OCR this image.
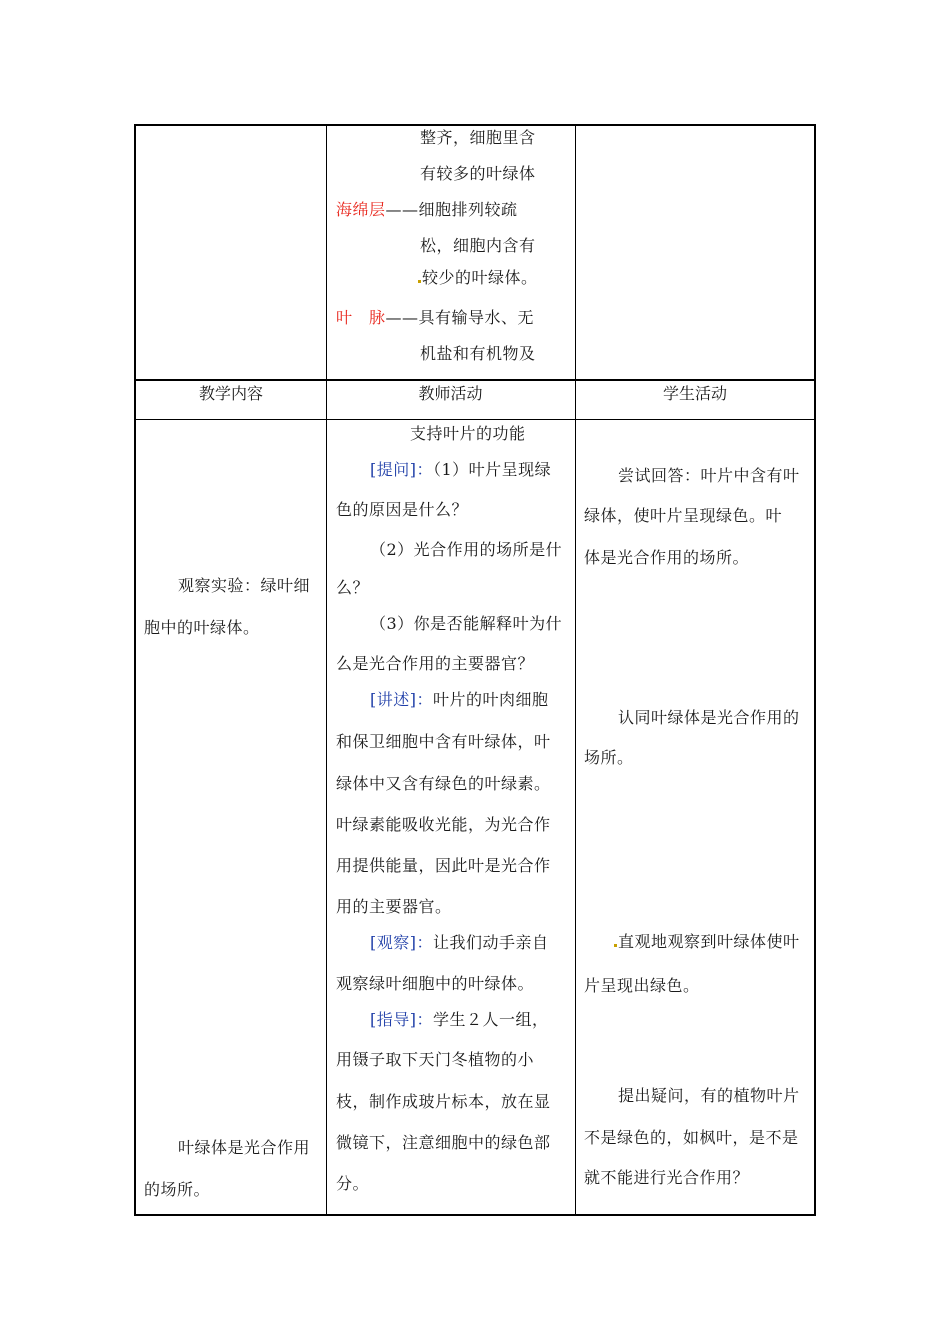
整齐，细胞里含
有较多的叶绿体
海绵层——细胞排列较疏
松，细胞内含有
较少的叶绿体。
叶　脉——具有输导水、无
机盐和有机物及
教学内容	教师活动	学生活动
观察实验：绿叶细
胞中的叶绿体。
叶绿体是光合作用
的场所。
支持叶片的功能
[提问]：（1）叶片呈现绿
色的原因是什么？
（2）光合作用的场所是什
么？
（3）你是否能解释叶为什
么是光合作用的主要器官？
[讲述]：叶片的叶肉细胞
和保卫细胞中含有叶绿体，叶
绿体中又含有绿色的叶绿素。
叶绿素能吸收光能，为光合作
用提供能量，因此叶是光合作
用的主要器官。
[观察]：让我们动手亲自
观察绿叶细胞中的叶绿体。
[指导]：学生２人一组，
用镊子取下天门冬植物的小
枝，制作成玻片标本，放在显
微镜下，注意细胞中的绿色部
分。
尝试回答：叶片中含有叶
绿体，使叶片呈现绿色。叶
体是光合作用的场所。
认同叶绿体是光合作用的
场所。
直观地观察到叶绿体使叶
片呈现出绿色。
提出疑问，有的植物叶片
不是绿色的，如枫叶，是不是
就不能进行光合作用？
